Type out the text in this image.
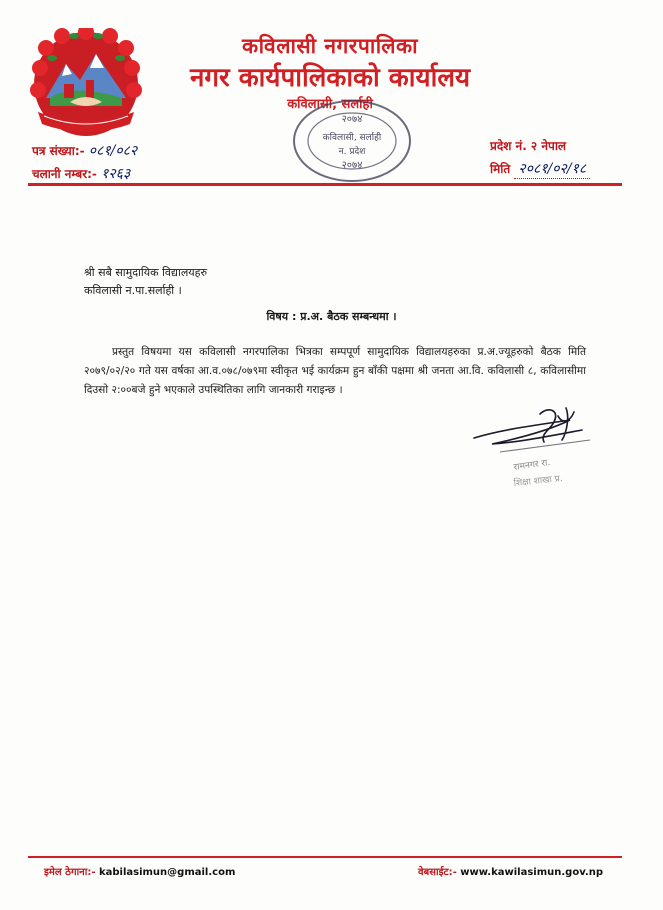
कविलासी नगरपालिका
नगर कार्यपालिकाको कार्यालय
कविलासी, सर्लाही
२०७४
कविलासी, सर्लाही
न. प्रदेश
२०७४
पत्र संख्या:- ०८१/०८२
चलानी नम्बर:- १२६३
प्रदेश नं. २ नेपाल
मिति २०८१/०२/१८
श्री सबै सामुदायिक विद्यालयहरु
कविलासी न.पा.सर्लाही ।
विषय : प्र.अ. बैठक सम्बन्धमा ।
प्रस्तुत विषयमा यस कविलासी नगरपालिका भित्रका सम्पपूर्ण सामुदायिक विद्यालयहरुका प्र.अ.ज्यूहरुको बैठक मिति २०७९/०२/२० गते यस वर्षका आ.व.०७८/०७९मा स्वीकृत भई कार्यक्रम हुन बाँकी पक्षमा श्री जनता आ.वि. कविलासी ८, कविलासीमा दिउसो २:००बजे हुने भएकाले उपस्थितिका लागि जानकारी गराइन्छ ।
रामनगर रा.
शिक्षा शाखा प्र.
इमेल ठेगाना:- kabilasimun@gmail.com	वेबसाईट:- www.kawilasimun.gov.np
